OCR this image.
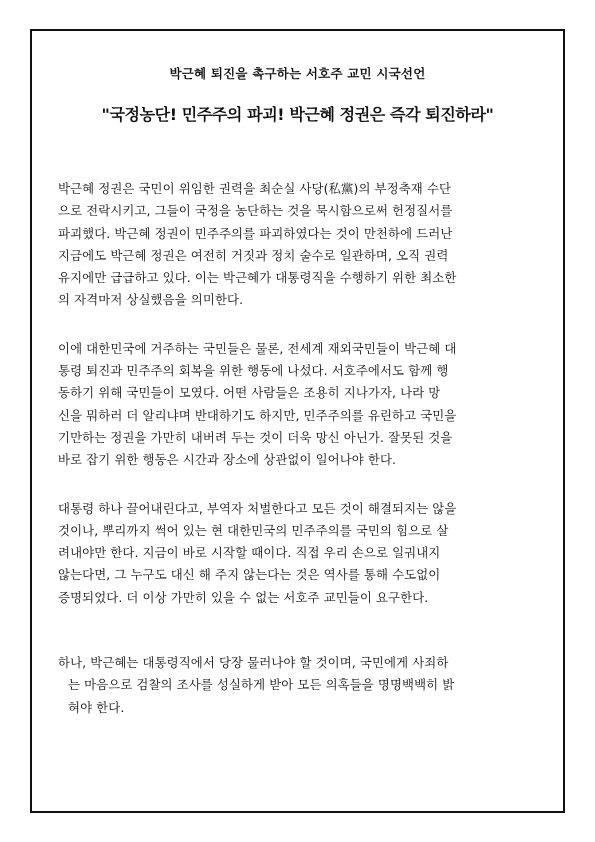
박근혜 퇴진을 촉구하는 서호주 교민 시국선언
"국정농단! 민주주의 파괴! 박근혜 정권은 즉각 퇴진하라"
박근혜 정권은 국민이 위임한 권력을 최순실 사당(私黨)의 부정축재 수단
으로 전락시키고, 그들이 국정을 농단하는 것을 묵시함으로써 헌정질서를
파괴했다. 박근혜 정권이 민주주의를 파괴하였다는 것이 만천하에 드러난
지금에도 박근혜 정권은 여전히 거짓과 정치 술수로 일관하며, 오직 권력
유지에만 급급하고 있다. 이는 박근혜가 대통령직을 수행하기 위한 최소한
의 자격마저 상실했음을 의미한다.
이에 대한민국에 거주하는 국민들은 물론, 전세계 재외국민들이 박근혜 대
통령 퇴진과 민주주의 회복을 위한 행동에 나섰다. 서호주에서도 함께 행
동하기 위해 국민들이 모였다. 어떤 사람들은 조용히 지나가자, 나라 망
신을 뭐하러 더 알리냐며 반대하기도 하지만, 민주주의를 유린하고 국민을
기만하는 정권을 가만히 내버려 두는 것이 더욱 망신 아닌가. 잘못된 것을
바로 잡기 위한 행동은 시간과 장소에 상관없이 일어나야 한다.
대통령 하나 끌어내린다고, 부역자 처벌한다고 모든 것이 해결되지는 않을
것이나, 뿌리까지 썩어 있는 현 대한민국의 민주주의를 국민의 힘으로 살
려내야만 한다. 지금이 바로 시작할 때이다. 직접 우리 손으로 일궈내지
않는다면, 그 누구도 대신 해 주지 않는다는 것은 역사를 통해 수도없이
증명되었다. 더 이상 가만히 있을 수 없는 서호주 교민들이 요구한다.
하나, 박근혜는 대통령직에서 당장 물러나야 할 것이며, 국민에게 사죄하
는 마음으로 검찰의 조사를 성실하게 받아 모든 의혹들을 명명백백히 밝
혀야 한다.
